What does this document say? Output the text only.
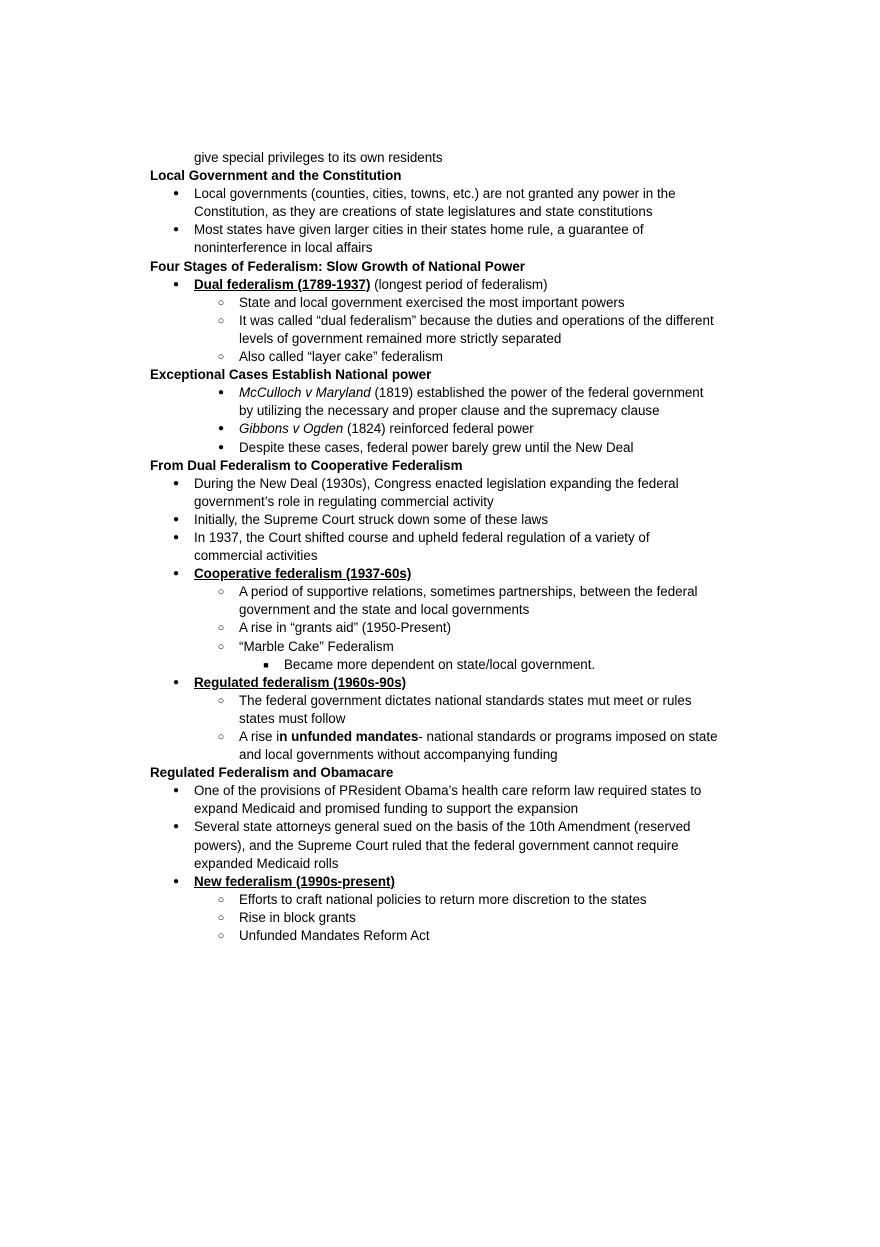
give special privileges to its own residents
Local Government and the Constitution
●	Local governments (counties, cities, towns, etc.) are not granted any power in the
Constitution, as they are creations of state legislatures and state constitutions
●	Most states have given larger cities in their states home rule, a guarantee of
noninterference in local affairs
Four Stages of Federalism: Slow Growth of National Power
●	Dual federalism (1789-1937) (longest period of federalism)
○	State and local government exercised the most important powers
○	It was called “dual federalism” because the duties and operations of the different
levels of government remained more strictly separated
○	Also called “layer cake” federalism
Exceptional Cases Establish National power
●	McCulloch v Maryland (1819) established the power of the federal government
by utilizing the necessary and proper clause and the supremacy clause
●	Gibbons v Ogden (1824) reinforced federal power
●	Despite these cases, federal power barely grew until the New Deal
From Dual Federalism to Cooperative Federalism
●	During the New Deal (1930s), Congress enacted legislation expanding the federal
government’s role in regulating commercial activity
●	Initially, the Supreme Court struck down some of these laws
●	In 1937, the Court shifted course and upheld federal regulation of a variety of
commercial activities
●	Cooperative federalism (1937-60s)
○	A period of supportive relations, sometimes partnerships, between the federal
government and the state and local governments
○	A rise in “grants aid” (1950-Present)
○	“Marble Cake” Federalism
■	Became more dependent on state/local government.
●	Regulated federalism (1960s-90s)
○	The federal government dictates national standards states mut meet or rules
states must follow
○	A rise in unfunded mandates- national standards or programs imposed on state
and local governments without accompanying funding
Regulated Federalism and Obamacare
●	One of the provisions of PResident Obama’s health care reform law required states to
expand Medicaid and promised funding to support the expansion
●	Several state attorneys general sued on the basis of the 10th Amendment (reserved
powers), and the Supreme Court ruled that the federal government cannot require
expanded Medicaid rolls
●	New federalism (1990s-present)
○	Efforts to craft national policies to return more discretion to the states
○	Rise in block grants
○	Unfunded Mandates Reform Act
